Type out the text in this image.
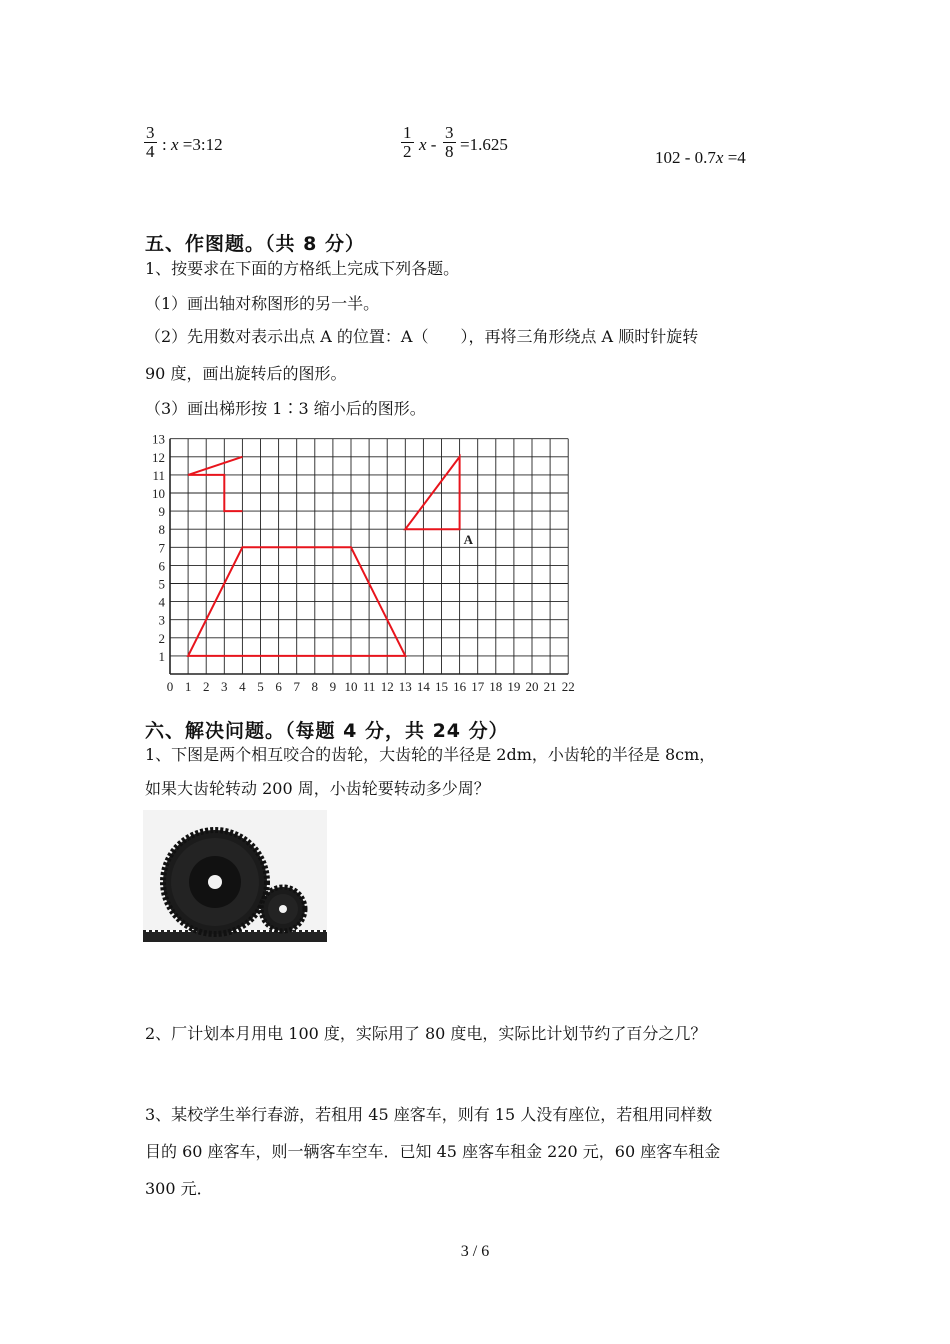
$\frac{3}{4}$ : x =3:12	$\frac{1}{2}$ $x - \frac{3}{8} =1.625$
102 - 0.7x =4
五、作图题。（共 8 分）
1、按要求在下面的方格纸上完成下列各题。
（1）画出轴对称图形的另一半。
（2）先用数对表示出点 A 的位置：A（　　），再将三角形绕点 A 顺时针旋转
90 度，画出旋转后的图形。
（3）画出梯形按 1∶3 缩小后的图形。
0 1 2 3 4 5 6 7 8 9 10 11 12 13 14 15 16 17 18 19 20 21 22
1
2
3
4
5
6
7
8
9
10
11
12
13
A
六、解决问题。（每题 4 分，共 24 分）
1、下图是两个相互咬合的齿轮，大齿轮的半径是 2dm，小齿轮的半径是 8cm，
如果大齿轮转动 200 周，小齿轮要转动多少周？
2、厂计划本月用电 100 度，实际用了 80 度电，实际比计划节约了百分之几？
3、某校学生举行春游，若租用 45 座客车，则有 15 人没有座位，若租用同样数
目的 60 座客车，则一辆客车空车．已知 45 座客车租金 220 元，60 座客车租金
300 元．
3 / 6
